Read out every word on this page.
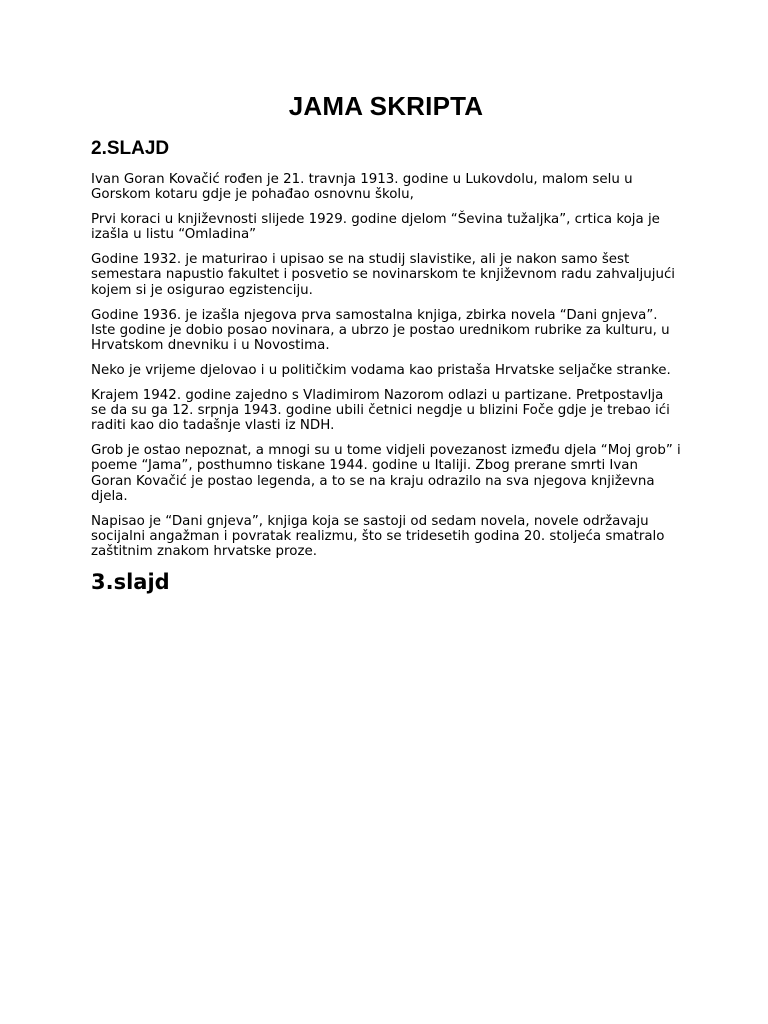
JAMA SKRIPTA
2.SLAJD

Ivan Goran Kovačić rođen je 21. travnja 1913. godine u Lukovdolu, malom selu u Gorskom kotaru gdje je pohađao osnovnu školu,

Prvi koraci u književnosti slijede 1929. godine djelom “Ševina tužaljka”, crtica koja je izašla u listu “Omladina”

Godine 1932. je maturirao i upisao se na studij slavistike, ali je nakon samo šest semestara napustio fakultet i posvetio se novinarskom te književnom radu zahvaljujući kojem si je osigurao egzistenciju.

Godine 1936. je izašla njegova prva samostalna knjiga, zbirka novela “Dani gnjeva”. Iste godine je dobio posao novinara, a ubrzo je postao urednikom rubrike za kulturu, u Hrvatskom dnevniku i u Novostima.

Neko je vrijeme djelovao i u političkim vodama kao pristaša Hrvatske seljačke stranke.

Krajem 1942. godine zajedno s Vladimirom Nazorom odlazi u partizane. Pretpostavlja se da su ga 12. srpnja 1943. godine ubili četnici negdje u blizini Foče gdje je trebao ići raditi kao dio tadašnje vlasti iz NDH.

Grob je ostao nepoznat, a mnogi su u tome vidjeli povezanost između djela “Moj grob” i poeme “Jama”, posthumno tiskane 1944. godine u Italiji. Zbog prerane smrti Ivan Goran Kovačić je postao legenda, a to se na kraju odrazilo na sva njegova književna djela.

Napisao je “Dani gnjeva”, knjiga koja se sastoji od sedam novela, novele održavaju socijalni angažman i povratak realizmu, što se tridesetih godina 20. stoljeća smatralo zaštitnim znakom hrvatske proze.

3.slajd
